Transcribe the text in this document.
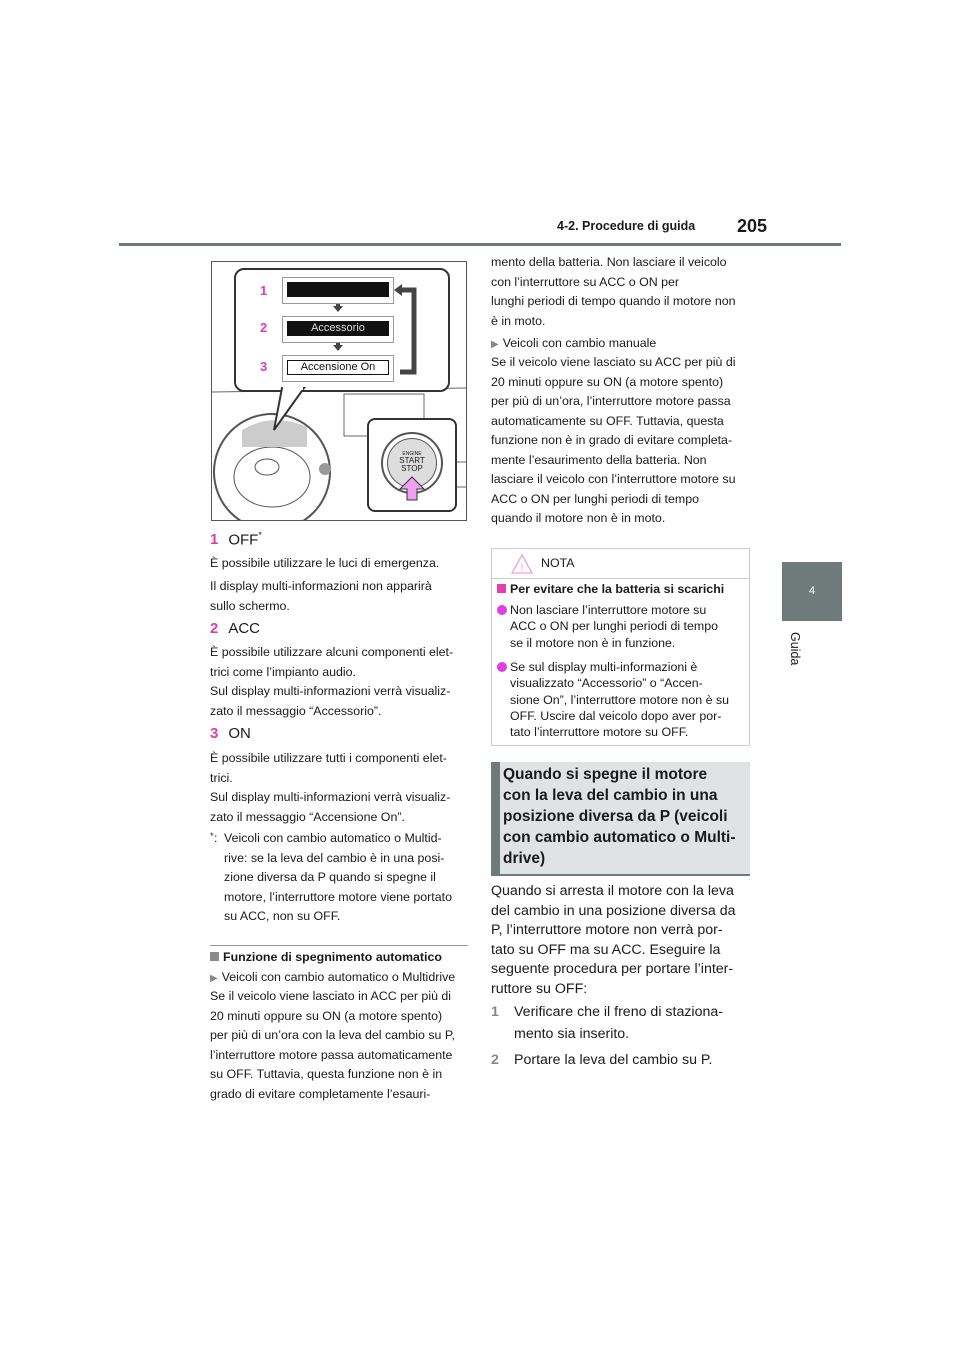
4-2. Procedure di guida 205
4
Guida
1
2
3
Accessorio
Accensione On
ENGINE
START
STOP
1 OFF*
È possibile utilizzare le luci di emergenza.
Il display multi-informazioni non apparirà
sullo schermo.
2 ACC
È possibile utilizzare alcuni componenti elet-
trici come l’impianto audio.
Sul display multi-informazioni verrà visualiz-
zato il messaggio “Accessorio”.
3 ON
È possibile utilizzare tutti i componenti elet-
trici.
Sul display multi-informazioni verrà visualiz-
zato il messaggio “Accensione On”.
* : Veicoli con cambio automatico o Multid-
rive: se la leva del cambio è in una posi-
zione diversa da P quando si spegne il
motore, l’interruttore motore viene portato
su ACC, non su OFF.
Funzione di spegnimento automatico
▶ Veicoli con cambio automatico o Multidrive
Se il veicolo viene lasciato in ACC per più di
20 minuti oppure su ON (a motore spento)
per più di un’ora con la leva del cambio su P,
l’interruttore motore passa automaticamente
su OFF. Tuttavia, questa funzione non è in
grado di evitare completamente l’esauri-
mento della batteria. Non lasciare il veicolo
con l’interruttore su ACC o ON per
lunghi periodi di tempo quando il motore non
è in moto.
▶ Veicoli con cambio manuale
Se il veicolo viene lasciato su ACC per più di
20 minuti oppure su ON (a motore spento)
per più di un’ora, l’interruttore motore passa
automaticamente su OFF. Tuttavia, questa
funzione non è in grado di evitare completa-
mente l’esaurimento della batteria. Non
lasciare il veicolo con l’interruttore motore su
ACC o ON per lunghi periodi di tempo
quando il motore non è in moto.
! NOTA
Per evitare che la batteria si scarichi
Non lasciare l’interruttore motore su
ACC o ON per lunghi periodi di tempo
se il motore non è in funzione.
Se sul display multi-informazioni è
visualizzato “Accessorio” o “Accen-
sione On”, l’interruttore motore non è su
OFF. Uscire dal veicolo dopo aver por-
tato l’interruttore motore su OFF.
Quando si spegne il motore
con la leva del cambio in una
posizione diversa da P (veicoli
con cambio automatico o Multi-
drive)
Quando si arresta il motore con la leva
del cambio in una posizione diversa da
P, l’interruttore motore non verrà por-
tato su OFF ma su ACC. Eseguire la
seguente procedura per portare l’inter-
ruttore su OFF:
1 Verificare che il freno di staziona-
mento sia inserito.
2 Portare la leva del cambio su P.
